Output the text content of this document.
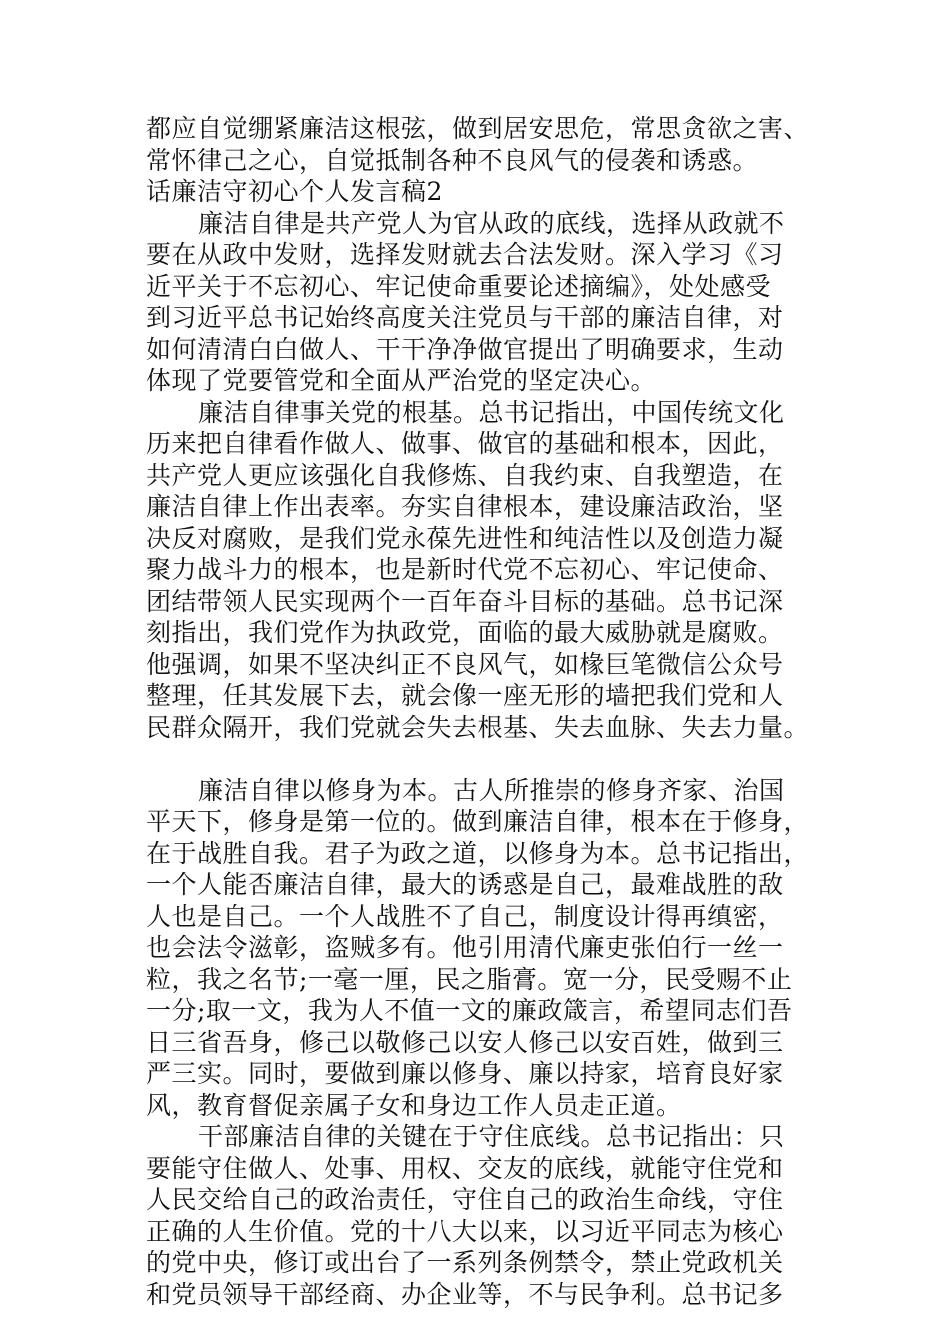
都应自觉绷紧廉洁这根弦，做到居安思危，常思贪欲之害、
常怀律己之心，自觉抵制各种不良风气的侵袭和诱惑。
话廉洁守初心个人发言稿2
廉洁自律是共产党人为官从政的底线，选择从政就不
要在从政中发财，选择发财就去合法发财。深入学习《习
近平关于不忘初心、牢记使命重要论述摘编》，处处感受
到习近平总书记始终高度关注党员与干部的廉洁自律，对
如何清清白白做人、干干净净做官提出了明确要求，生动
体现了党要管党和全面从严治党的坚定决心。
廉洁自律事关党的根基。总书记指出，中国传统文化
历来把自律看作做人、做事、做官的基础和根本，因此，
共产党人更应该强化自我修炼、自我约束、自我塑造，在
廉洁自律上作出表率。夯实自律根本，建设廉洁政治，坚
决反对腐败，是我们党永葆先进性和纯洁性以及创造力凝
聚力战斗力的根本，也是新时代党不忘初心、牢记使命、
团结带领人民实现两个一百年奋斗目标的基础。总书记深
刻指出，我们党作为执政党，面临的最大威胁就是腐败。
他强调，如果不坚决纠正不良风气，如椽巨笔微信公众号
整理，任其发展下去，就会像一座无形的墙把我们党和人
民群众隔开，我们党就会失去根基、失去血脉、失去力量。
廉洁自律以修身为本。古人所推崇的修身齐家、治国
平天下，修身是第一位的。做到廉洁自律，根本在于修身，
在于战胜自我。君子为政之道，以修身为本。总书记指出，
一个人能否廉洁自律，最大的诱惑是自己，最难战胜的敌
人也是自己。一个人战胜不了自己，制度设计得再缜密，
也会法令滋彰，盗贼多有。他引用清代廉吏张伯行一丝一
粒，我之名节;一毫一厘，民之脂膏。宽一分，民受赐不止
一分;取一文，我为人不值一文的廉政箴言，希望同志们吾
日三省吾身，修己以敬修己以安人修己以安百姓，做到三
严三实。同时，要做到廉以修身、廉以持家，培育良好家
风，教育督促亲属子女和身边工作人员走正道。
干部廉洁自律的关键在于守住底线。总书记指出：只
要能守住做人、处事、用权、交友的底线，就能守住党和
人民交给自己的政治责任，守住自己的政治生命线，守住
正确的人生价值。党的十八大以来，以习近平同志为核心
的党中央，修订或出台了一系列条例禁令，禁止党政机关
和党员领导干部经商、办企业等，不与民争利。总书记多
